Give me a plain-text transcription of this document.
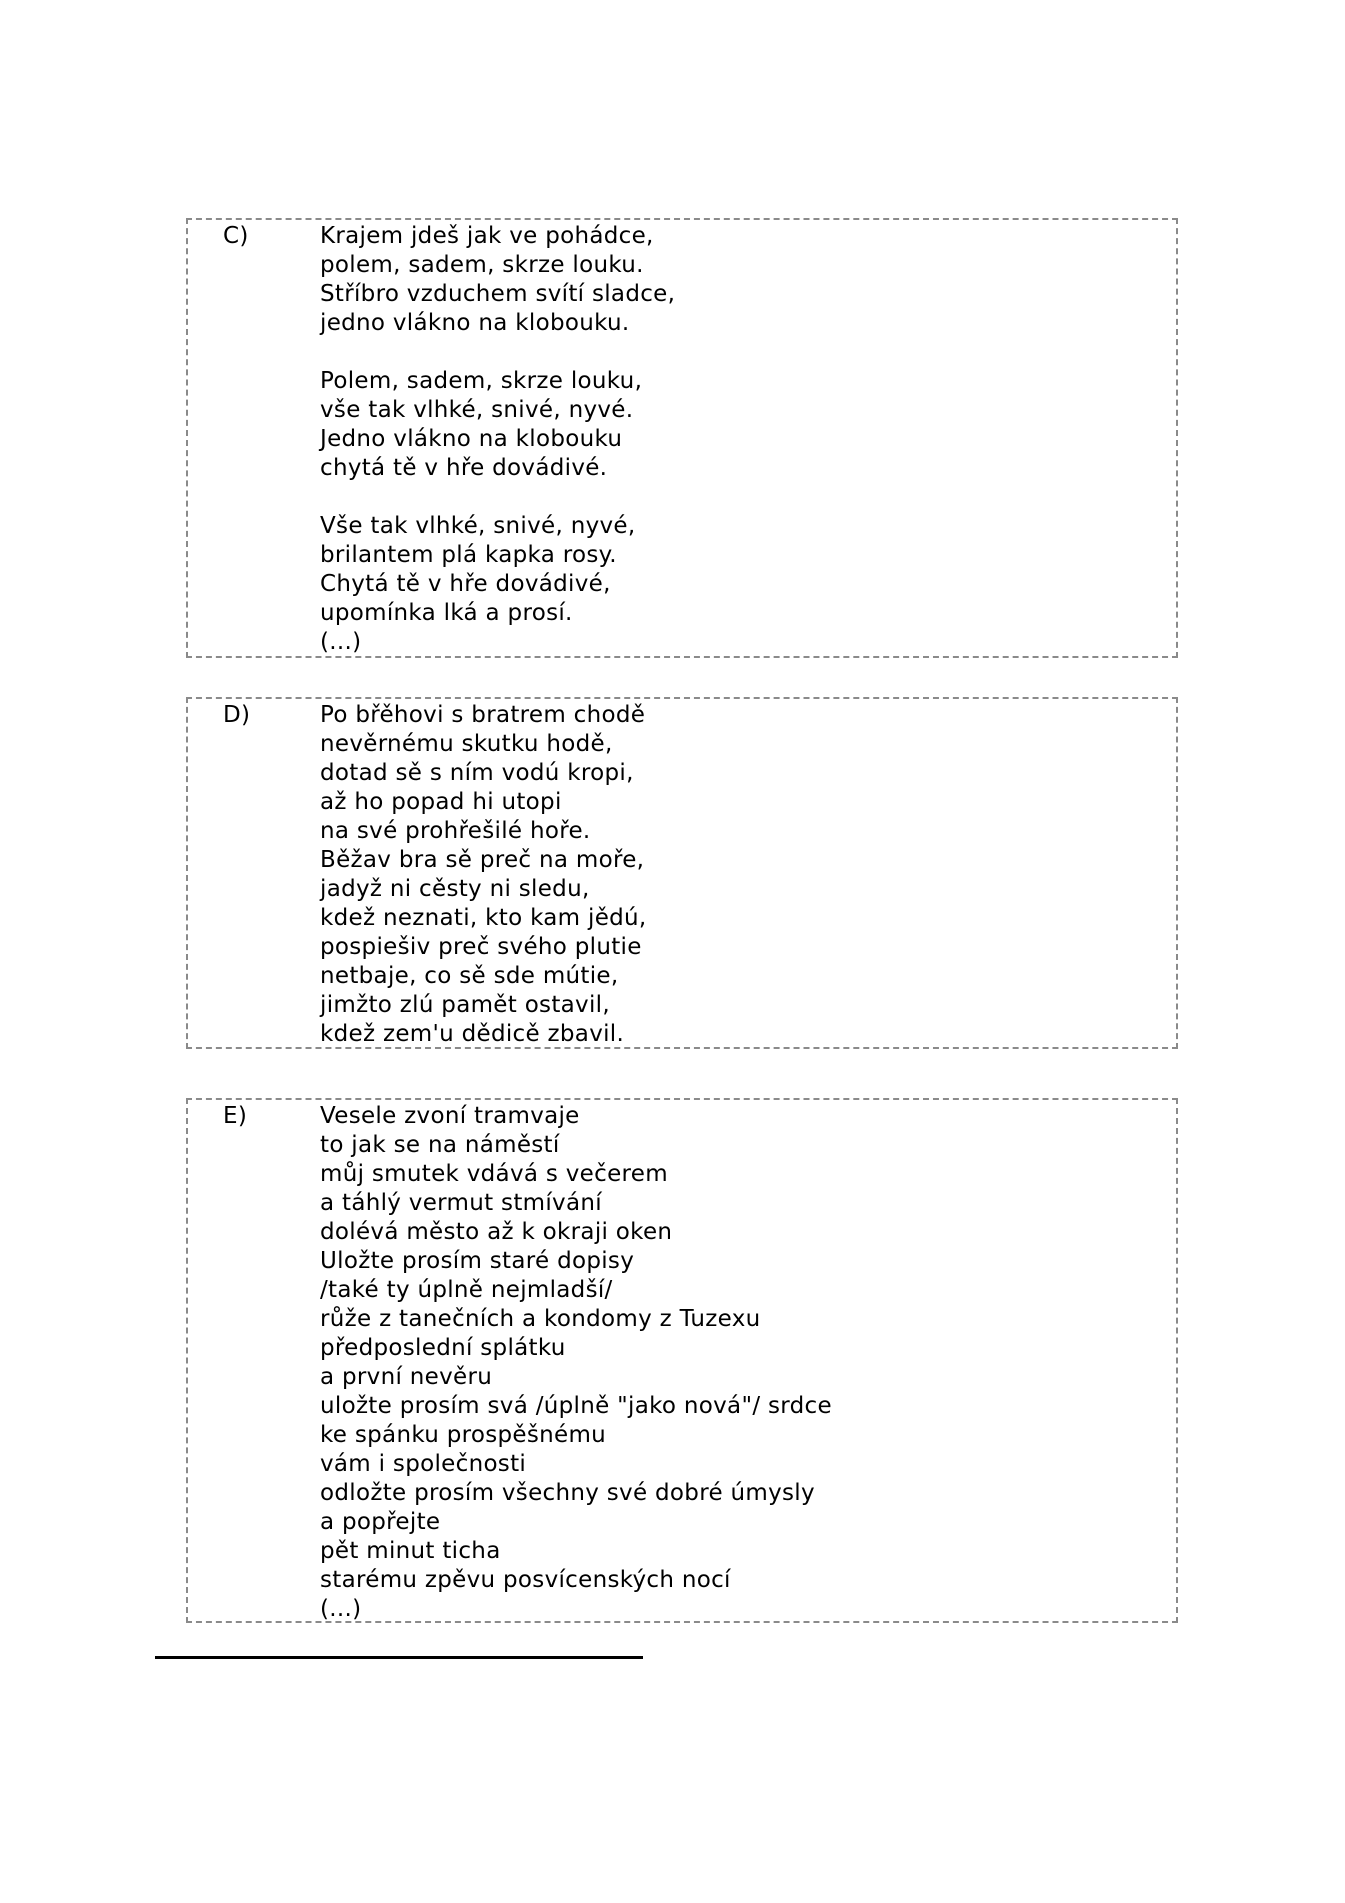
C)	Krajem jdeš jak ve pohádce,
polem, sadem, skrze louku.
Stříbro vzduchem svítí sladce,
jedno vlákno na klobouku.
Polem, sadem, skrze louku,
vše tak vlhké, snivé, nyvé.
Jedno vlákno na klobouku
chytá tě v hře dovádivé.
Vše tak vlhké, snivé, nyvé,
brilantem plá kapka rosy.
Chytá tě v hře dovádivé,
upomínka lká a prosí.
(...)
D)	Po břěhovi s bratrem chodě
nevěrnému skutku hodě,
dotad sě s ním vodú kropi,
až ho popad hi utopi
na své prohřešilé hoře.
Běžav bra sě preč na moře,
jadyž ni cěsty ni sledu,
kdež neznati, kto kam jědú,
pospiešiv preč svého plutie
netbaje, co sě sde mútie,
jimžto zlú pamět ostavil,
kdež zem'u dědicě zbavil.
E)	Vesele zvoní tramvaje
to jak se na náměstí
můj smutek vdává s večerem
a táhlý vermut stmívání
dolévá město až k okraji oken
Uložte prosím staré dopisy
/také ty úplně nejmladší/
růže z tanečních a kondomy z Tuzexu
předposlední splátku
a první nevěru
uložte prosím svá /úplně "jako nová"/ srdce
ke spánku prospěšnému
vám i společnosti
odložte prosím všechny své dobré úmysly
a popřejte
pět minut ticha
starému zpěvu posvícenských nocí
(...)
